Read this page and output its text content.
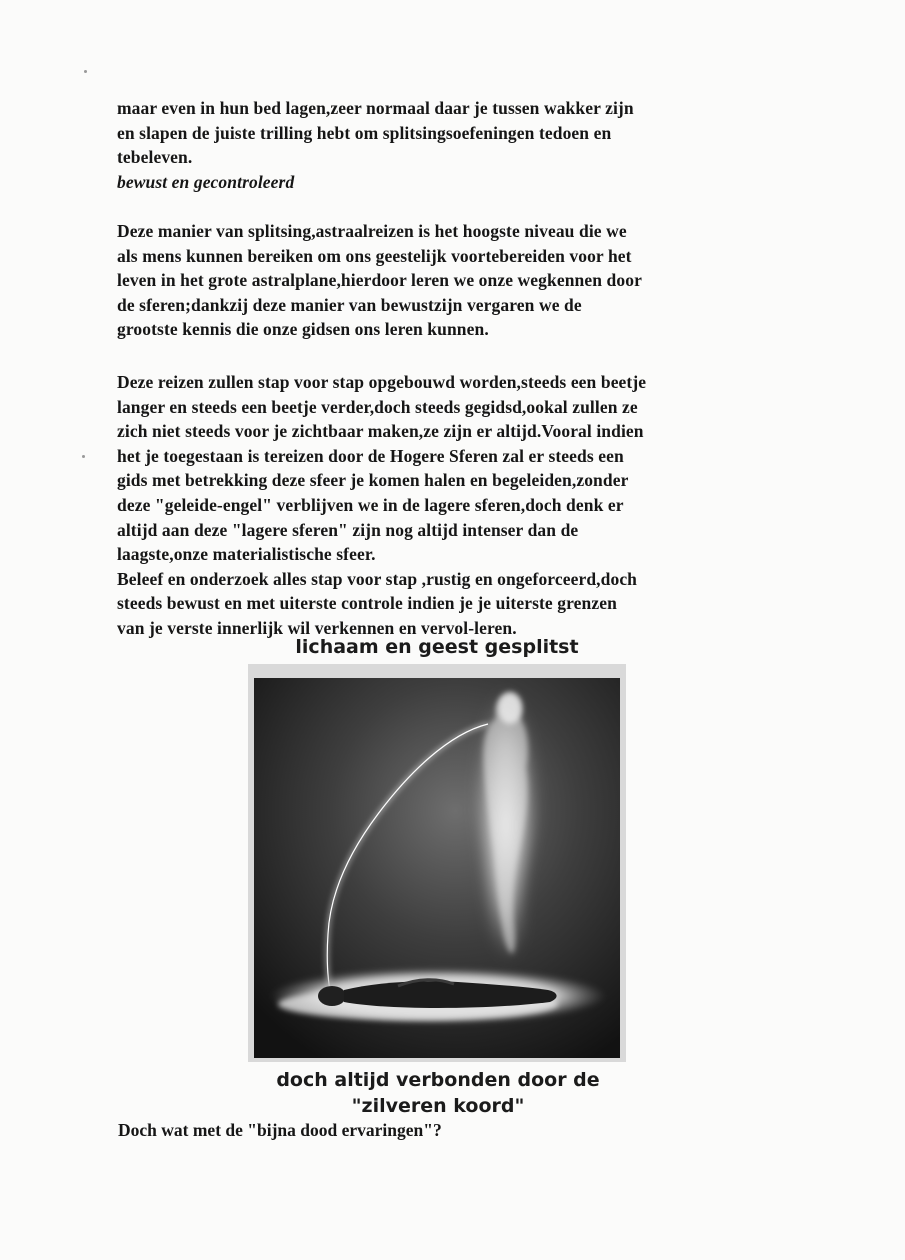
maar even in hun bed lagen,zeer normaal daar je tussen wakker zijn
en slapen de juiste trilling hebt om splitsingsoefeningen tedoen en
tebeleven.
bewust en gecontroleerd
Deze manier van splitsing,astraalreizen is het hoogste niveau die we
als mens kunnen bereiken om ons geestelijk voortebereiden voor het
leven in het grote astralplane,hierdoor leren we onze wegkennen door
de sferen;dankzij deze manier van bewustzijn vergaren we de
grootste kennis die onze gidsen ons leren kunnen.
Deze reizen zullen stap voor stap opgebouwd worden,steeds een beetje
langer en steeds een beetje verder,doch steeds gegidsd,ookal zullen ze
zich niet steeds voor je zichtbaar maken,ze zijn er altijd.Vooral indien
het je toegestaan is tereizen door de Hogere Sferen zal er steeds een
gids met betrekking deze sfeer je komen halen en begeleiden,zonder
deze "geleide-engel" verblijven we in de lagere sferen,doch denk er
altijd aan deze "lagere sferen" zijn nog altijd intenser dan de
laagste,onze materialistische sfeer.
Beleef en onderzoek alles stap voor stap ,rustig en ongeforceerd,doch
steeds bewust en met uiterste controle indien je je uiterste grenzen
van je verste innerlijk wil verkennen en vervol-leren.
lichaam en geest gesplitst
doch altijd verbonden door de
"zilveren koord"
Doch wat met de "bijna dood ervaringen"?
